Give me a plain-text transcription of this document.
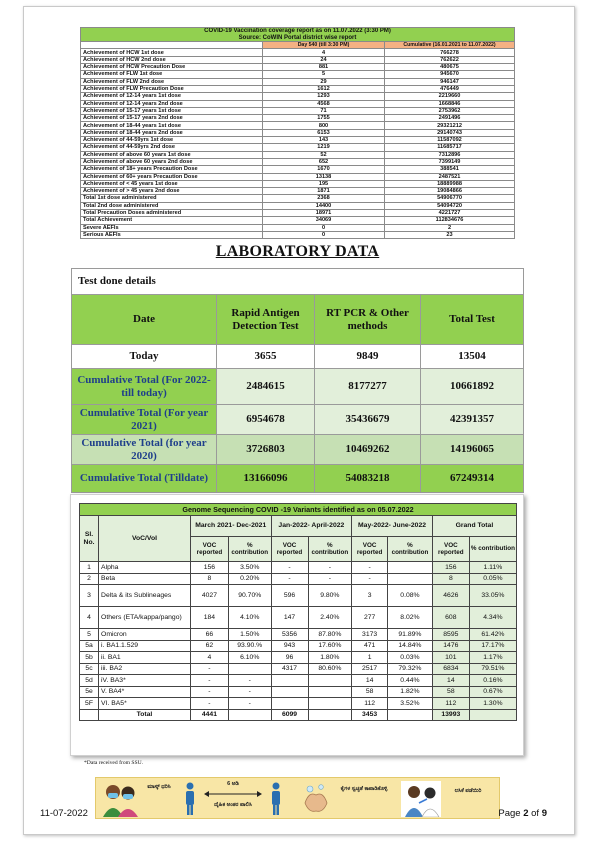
COVID-19 Vaccination coverage report as on 11.07.2022 (3:30 PM)
Source: CoWIN Portal district wise report		

	Day 540 (till 3:30 PM)	Cumulative (16.01.2021 to 11.07.2022)
Achievement of HCW 1st dose	4	766278
Achievement of HCW 2nd dose	24	762622
Achievement of HCW Precaution Dose	881	480675
Achievement of FLW 1st dose	5	945670
Achievement of FLW 2nd dose	29	946147
Achievement of FLW Precaution Dose	1612	476449
Achievement of 12-14 years 1st dose	1293	2219660
Achievement of 12-14 years 2nd dose	4568	1668846
Achievement of 15-17 years 1st dose	71	2753962
Achievement of 15-17 years 2nd dose	1755	2491496
Achievement of 18-44 years 1st dose	800	29321212
Achievement of 18-44 years 2nd dose	6153	29140743
Achievement of 44-59yrs 1st dose	143	11587092
Achievement of 44-59yrs 2nd dose	1219	11685717
Achievement of above 60 years 1st dose	52	7312896
Achievement of above 60 years 2nd dose	652	7399149
Achievement of 18+ years Precaution Dose	1670	388541
Achievement of 60+ years Precaution Dose	13138	2487521
Achievement of < 45 years 1st dose	195	18889988
Achievement of > 45 years 2nd dose	1871	19084866
Total 1st dose administered	2368	54906770
Total 2nd dose administered	14400	54094720
Total Precaution Doses administered	18971	4221727
Total Achievement	34069	112834676
Severe AEFIs	0	2
Serious AEFIs	0	23
LABORATORY DATA
Test done details			
Date	Rapid Antigen Detection Test	RT PCR & Other methods	Total Test
Today	3655	9849	13504
Cumulative Total (For 2022- till today)	2484615	8177277	10661892
Cumulative Total (For year 2021)	6954678	35436679	42391357
Cumulative Total (for year 2020)	3726803	10469262	14196065
Cumulative Total (Tilldate)	13166096	54083218	67249314
Genome Sequencing COVID -19 Variants identified as on 05.07.2022									
Sl. No.	VoC/VoI	March 2021- Dec-2021		Jan-2022- April-2022		May-2022- June-2022		Grand Total	
		VOC reported	% contribution	VOC reported	% contribution	VOC reported	% contribution	VOC reported	% contribution
1	Alpha	156	3.50%	-	-	-		156	1.11%
2	Beta	8	0.20%	-	-	-		8	0.05%
3	Delta & its Sublineages	4027	90.70%	596	9.80%	3	0.08%	4626	33.05%
4	Others (ETA/kappa/pango)	184	4.10%	147	2.40%	277	8.02%	608	4.34%
5	Omicron	66	1.50%	5356	87.80%	3173	91.89%	8595	61.42%
5a	i. BA1.1.529	62	93.90.%	943	17.60%	471	14.84%	1476	17.17%
5b	ii. BA1	4	6.10%	96	1.80%	1	0.03%	101	1.17%
5c	iii. BA2	-		4317	80.60%	2517	79.32%	6834	79.51%
5d	iV. BA3*	-	-			14	0.44%	14	0.16%
5e	V. BA4*	-	-			58	1.82%	58	0.67%
5F	VI. BA5*	-	-			112	3.52%	112	1.30%
	Total	4441		6099		3453		13993	
*Data received from SSU.
ಮಾಸ್ಕ್ ಧರಿಸಿ	6 ಅಡಿ
ದೈಹಿಕ ಅಂತರ ಪಾಲಿಸಿ
ಕೈಗಳ ಸ್ವಚ್ಛತೆ ಕಾಪಾಡಿಕೊಳ್ಳಿ	ಲಸಿಕೆ ಪಡೆಯಿರಿ
11-07-2022	Page 2 of 9
